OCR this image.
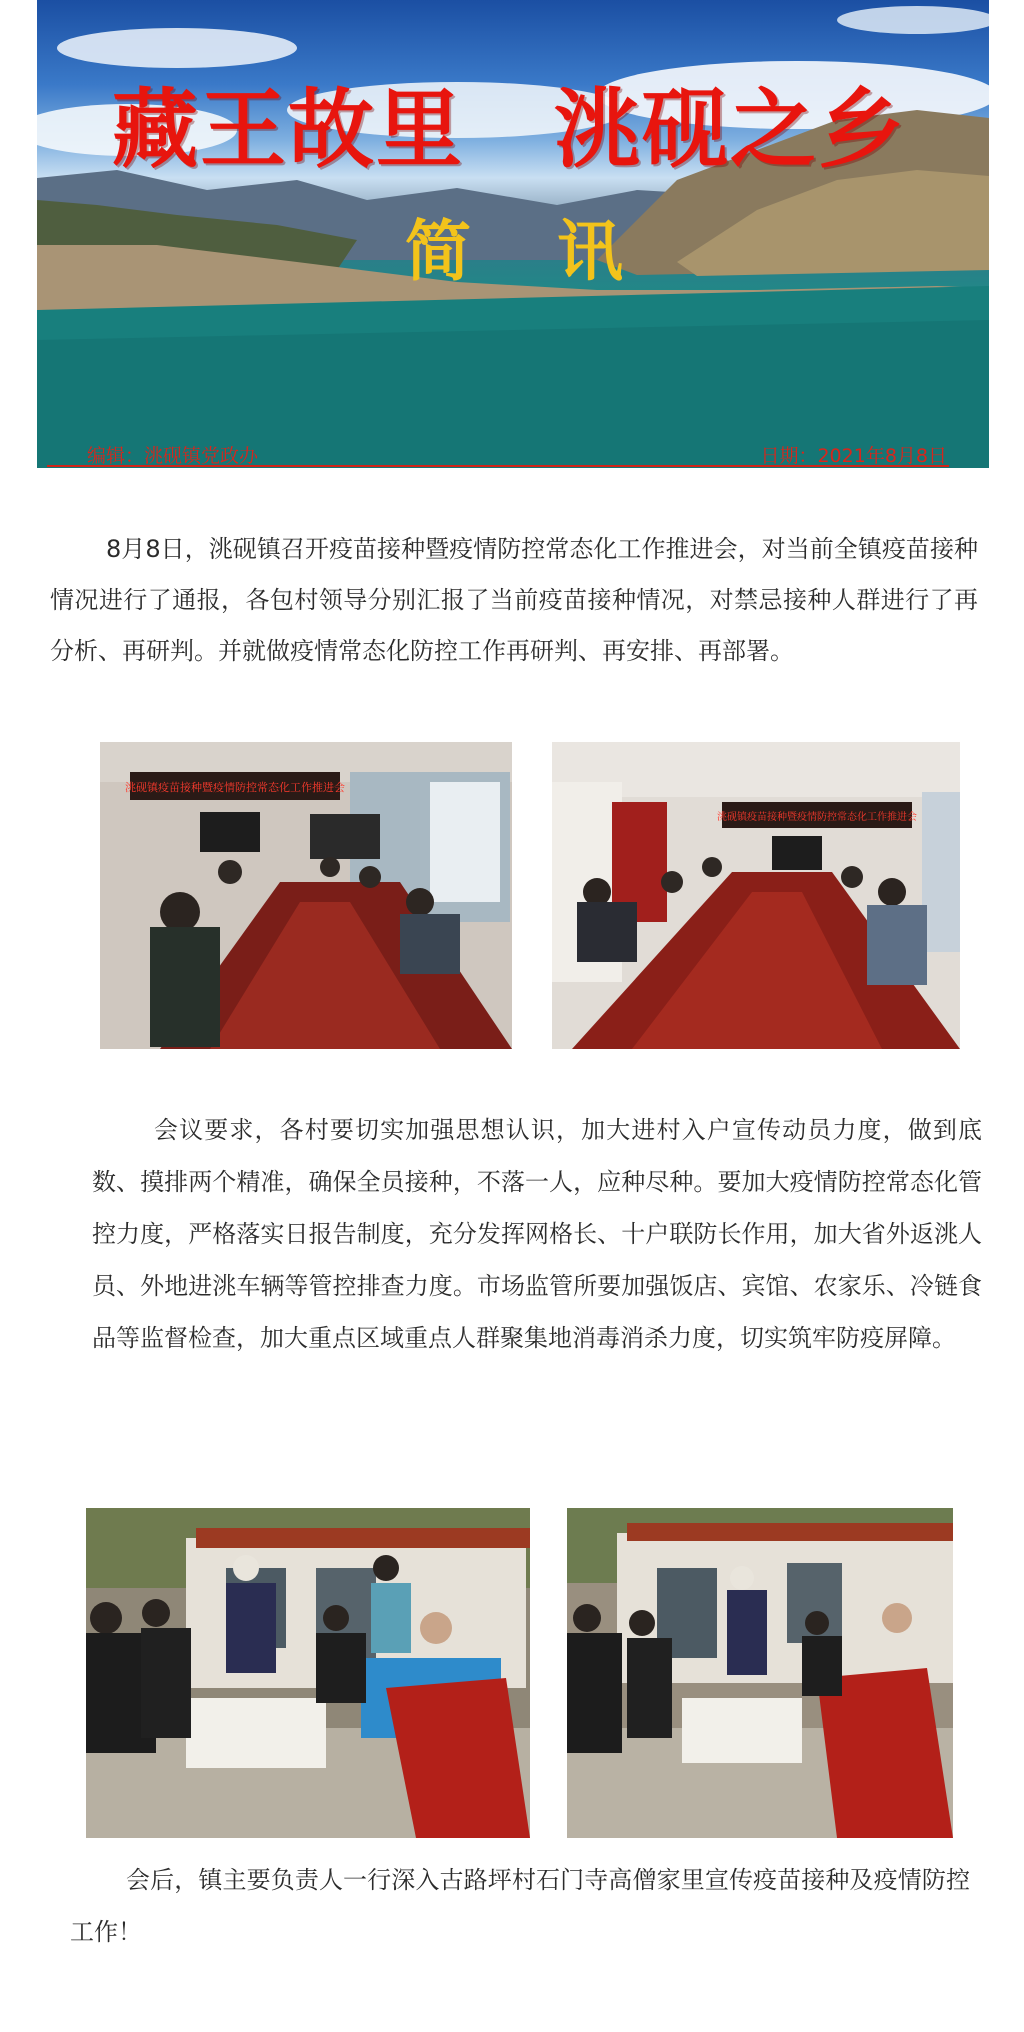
藏王故里 洮砚之乡
简讯
编辑：洮砚镇党政办	日期：2021年8月8日
8月8日，洮砚镇召开疫苗接种暨疫情防控常态化工作推进会，对当前全镇疫苗接种情况进行了通报，各包村领导分别汇报了当前疫苗接种情况，对禁忌接种人群进行了再分析、再研判。并就做疫情常态化防控工作再研判、再安排、再部署。
洮砚镇疫苗接种暨疫情防控常态化工作推进会
洮砚镇疫苗接种暨疫情防控常态化工作推进会
会议要求，各村要切实加强思想认识，加大进村入户宣传动员力度，做到底数、摸排两个精准，确保全员接种，不落一人，应种尽种。要加大疫情防控常态化管控力度，严格落实日报告制度，充分发挥网格长、十户联防长作用，加大省外返洮人员、外地进洮车辆等管控排查力度。市场监管所要加强饭店、宾馆、农家乐、冷链食品等监督检查，加大重点区域重点人群聚集地消毒消杀力度，切实筑牢防疫屏障。
会后，镇主要负责人一行深入古路坪村石门寺高僧家里宣传疫苗接种及疫情防控工作！
